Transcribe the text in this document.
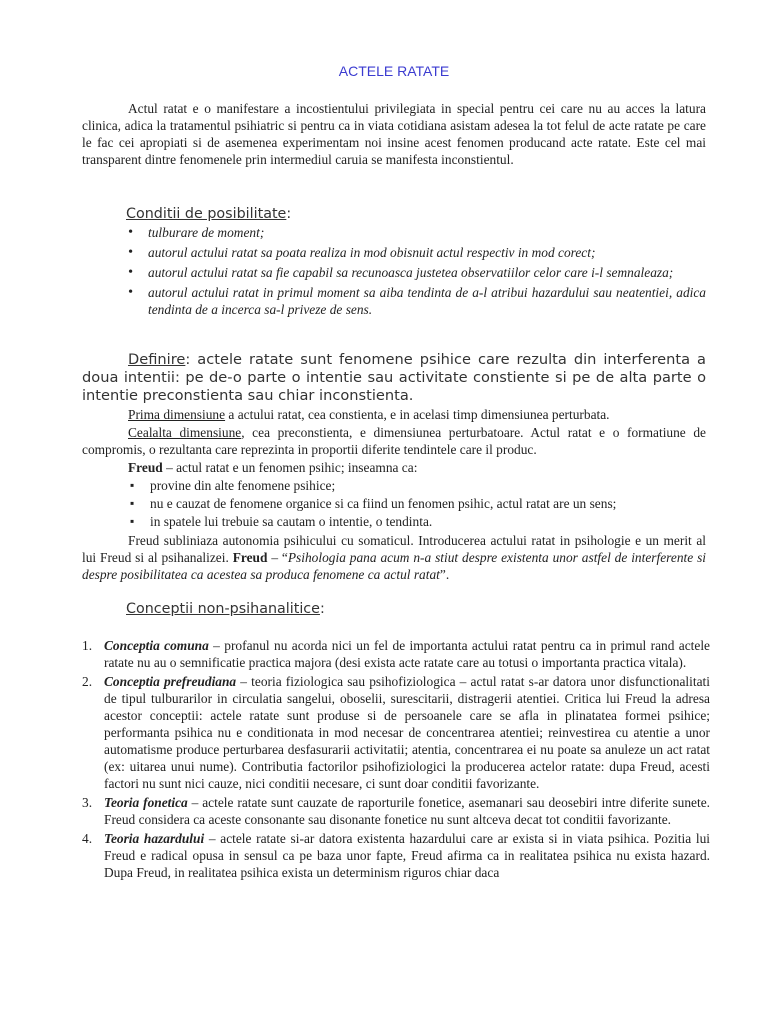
ACTELE RATATE

Actul ratat e o manifestare a incostientului privilegiata in special pentru cei care nu au acces la latura clinica, adica la tratamentul psihiatric si pentru ca in viata cotidiana asistam adesea la tot felul de acte ratate pe care le fac cei apropiati si de asemenea experimentam noi insine acest fenomen producand acte ratate. Este cel mai transparent dintre fenomenele prin intermediul caruia se manifesta inconstientul.

Conditii de posibilitate:
• tulburare de moment;
• autorul actului ratat sa poata realiza in mod obisnuit actul respectiv in mod corect;
• autorul actului ratat sa fie capabil sa recunoasca justetea observatiilor celor care i-l semnaleaza;
• autorul actului ratat in primul moment sa aiba tendinta de a-l atribui hazardului sau neatentiei, adica tendinta de a incerca sa-l priveze de sens.

Definire: actele ratate sunt fenomene psihice care rezulta din interferenta a doua intentii: pe de-o parte o intentie sau activitate constiente si pe de alta parte o intentie preconstienta sau chiar inconstienta.

Prima dimensiune a actului ratat, cea constienta, e in acelasi timp dimensiunea perturbata.

Cealalta dimensiune, cea preconstienta, e dimensiunea perturbatoare. Actul ratat e o formatiune de compromis, o rezultanta care reprezinta in proportii diferite tendintele care il produc.

Freud – actul ratat e un fenomen psihic; inseamna ca:

▪ provine din alte fenomene psihice;
▪ nu e cauzat de fenomene organice si ca fiind un fenomen psihic, actul ratat are un sens;
▪ in spatele lui trebuie sa cautam o intentie, o tendinta.

Freud subliniaza autonomia psihicului cu somaticul. Introducerea actului ratat in psihologie e un merit al lui Freud si al psihanalizei. Freud – “Psihologia pana acum n-a stiut despre existenta unor astfel de interferente si despre posibilitatea ca acestea sa produca fenomene ca actul ratat”.

Conceptii non-psihanalitice:
1. Conceptia comuna – profanul nu acorda nici un fel de importanta actului ratat pentru ca in primul rand actele ratate nu au o semnificatie practica majora (desi exista acte ratate care au totusi o importanta practica vitala).
2. Conceptia prefreudiana – teoria fiziologica sau psihofiziologica – actul ratat s-ar datora unor disfunctionalitati de tipul tulburarilor in circulatia sangelui, oboselii, surescitarii, distragerii atentiei. Critica lui Freud la adresa acestor conceptii: actele ratate sunt produse si de persoanele care se afla in plinatatea formei psihice; performanta psihica nu e conditionata in mod necesar de concentrarea atentiei; reinvestirea cu atentie a unor automatisme produce perturbarea desfasurarii activitatii; atentia, concentrarea ei nu poate sa anuleze un act ratat (ex: uitarea unui nume). Contributia factorilor psihofiziologici la producerea actelor ratate: dupa Freud, acesti factori nu sunt nici cauze, nici conditii necesare, ci sunt doar conditii favorizante.
3. Teoria fonetica – actele ratate sunt cauzate de raporturile fonetice, asemanari sau deosebiri intre diferite sunete. Freud considera ca aceste consonante sau disonante fonetice nu sunt altceva decat tot conditii favorizante.
4. Teoria hazardului – actele ratate si-ar datora existenta hazardului care ar exista si in viata psihica. Pozitia lui Freud e radical opusa in sensul ca pe baza unor fapte, Freud afirma ca in realitatea psihica nu exista hazard. Dupa Freud, in realitatea psihica exista un determinism riguros chiar daca
